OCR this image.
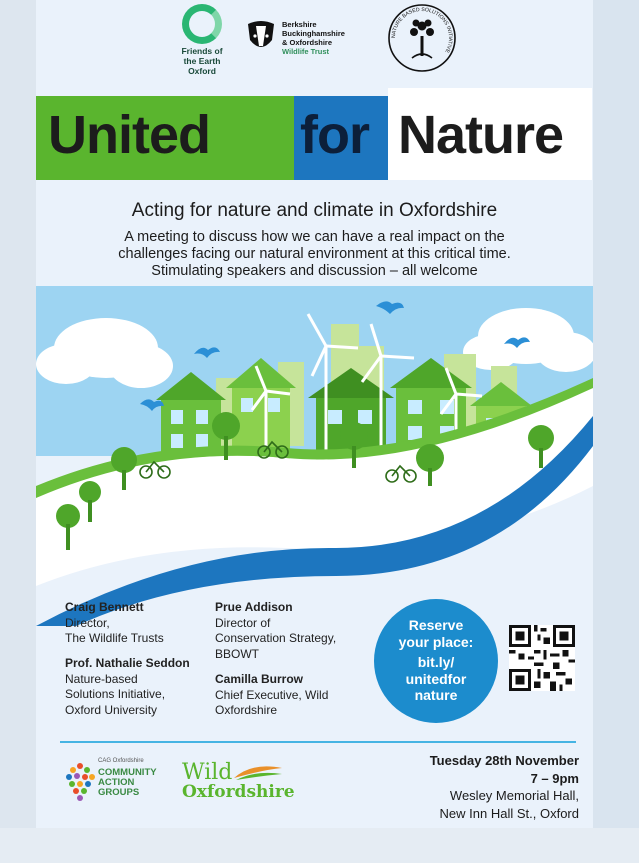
Friends of
the Earth
Oxford
Berkshire
Buckinghamshire
& Oxfordshire
Wildlife Trust
NATURE BASED SOLUTIONS INITIATIVE
United for Nature
Acting for nature and climate in Oxfordshire
A meeting to discuss how we can have a real impact on the
challenges facing our natural environment at this critical time.
Stimulating speakers and discussion – all welcome
Craig Bennett
Director,
The Wildlife Trusts
Prof. Nathalie Seddon
Nature-based
Solutions Initiative,
Oxford University
Prue Addison
Director of
Conservation Strategy,
BBOWT
Camilla Burrow
Chief Executive, Wild
Oxfordshire
Reserve
your place:
bit.ly/
unitedfor
nature
CAG Oxfordshire
COMMUNITY
ACTION
GROUPS
Wild
Oxfordshire
Tuesday 28th November
7 – 9pm
Wesley Memorial Hall,
New Inn Hall St., Oxford
